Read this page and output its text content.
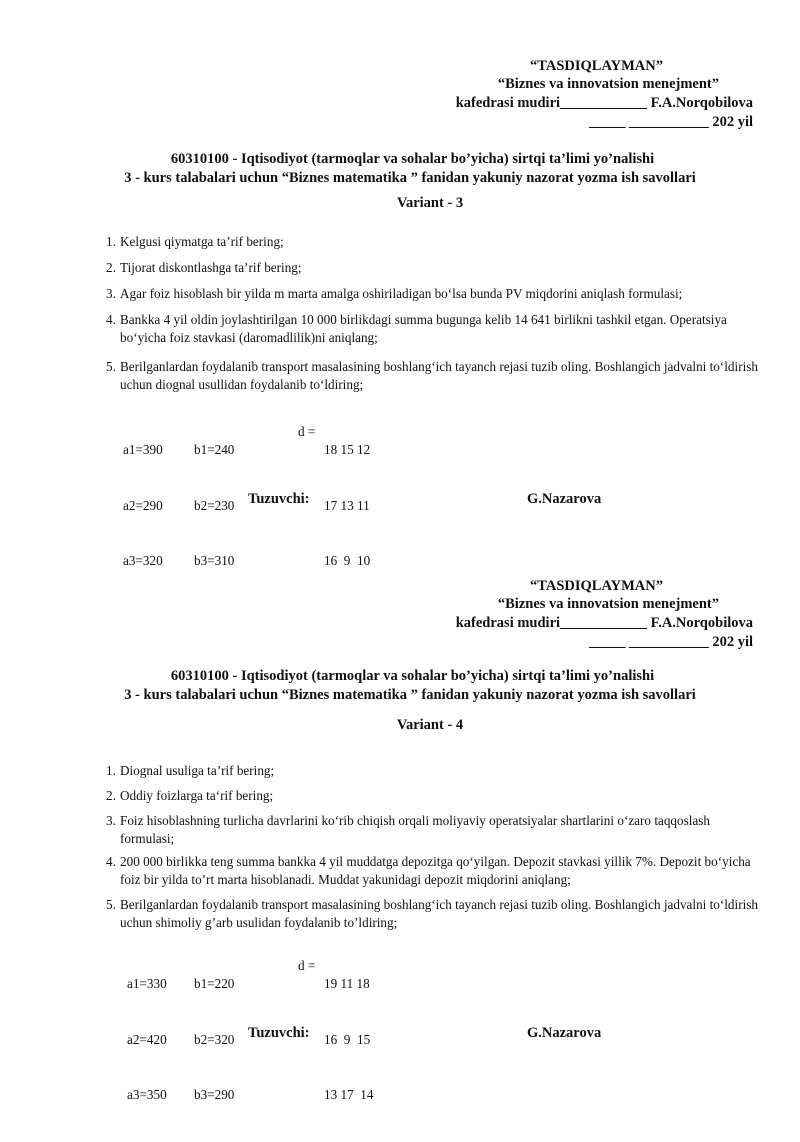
“TASDIQLAYMAN”
“Biznes va innovatsion menejment”
kafedrasi mudiri____________ F.A.Norqobilova
_____ ___________ 202 yil
60310100 - Iqtisodiyot (tarmoqlar va sohalar bo’yicha) sirtqi ta’limi yo’nalishi
3 - kurs talabalari uchun “Biznes matematika ” fanidan yakuniy nazorat yozma ish savollari
Variant - 3
1. Kelgusi qiymatga ta’rif bering;
2. Tijorat diskontlashga ta’rif bering;
3. Agar foiz hisoblash bir yilda m marta amalga oshiriladigan bo‘lsa bunda PV miqdorini aniqlash formulasi;
4. Bankka 4 yil oldin joylashtirilgan 10 000 birlikdagi summa bugunga kelib 14 641 birlikni tashkil etgan. Operatsiya bo‘yicha foiz stavkasi (daromadlilik)ni aniqlang;
5. Berilganlardan foydalanib transport masalasining boshlang‘ich tayanch rejasi tuzib oling. Boshlangich jadvalni to‘ldirish uchun diognal usullidan foydalanib to‘ldiring;

a1=390

a2=290

a3=320

b1=240

b2=230

b3=310

d =

18 15 12

17 13 11

16  9  10

Tuzuvchi:	G.Nazarova
“TASDIQLAYMAN”
“Biznes va innovatsion menejment”
kafedrasi mudiri____________ F.A.Norqobilova
_____ ___________ 202 yil
60310100 - Iqtisodiyot (tarmoqlar va sohalar bo’yicha) sirtqi ta’limi yo’nalishi
3 - kurs talabalari uchun “Biznes matematika ” fanidan yakuniy nazorat yozma ish savollari
Variant - 4
1. Diognal usuliga ta’rif bering;
2. Oddiy foizlarga ta‘rif bering;
3. Foiz hisoblashning turlicha davrlarini ko‘rib chiqish orqali moliyaviy operatsiyalar shartlarini o‘zaro taqqoslash formulasi;
4. 200 000 birlikka teng summa bankka 4 yil muddatga depozitga qo‘yilgan. Depozit stavkasi yillik 7%. Depozit bo‘yicha foiz bir yilda to’rt marta hisoblanadi. Muddat yakunidagi depozit miqdorini aniqlang;
5. Berilganlardan foydalanib transport masalasining boshlang‘ich tayanch rejasi tuzib oling. Boshlangich jadvalni to‘ldirish uchun shimoliy g’arb usulidan foydalanib to’ldiring;

a1=330

a2=420

a3=350

b1=220

b2=320

b3=290

d =

19 11 18

16  9  15

13 17  14

Tuzuvchi:	G.Nazarova
